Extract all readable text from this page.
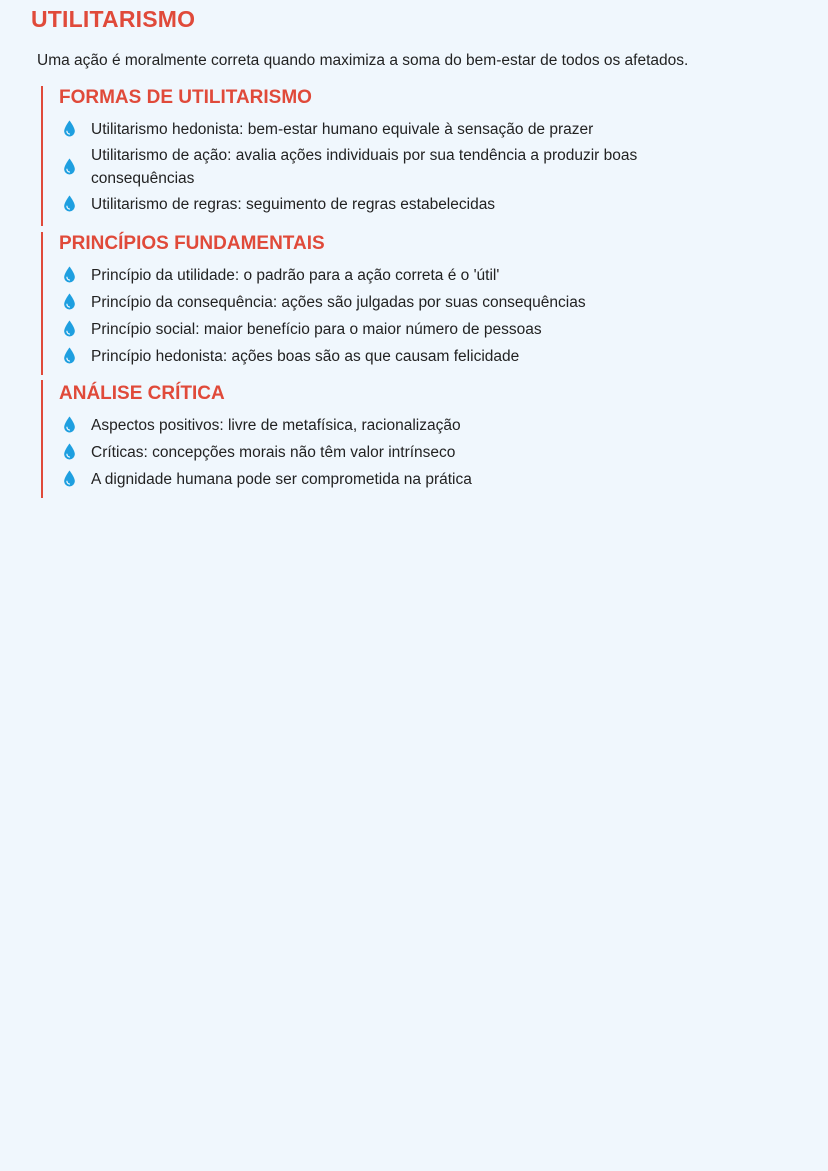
UTILITARISMO

Uma ação é moralmente correta quando maximiza a soma do bem-estar de todos os afetados.

FORMAS DE UTILITARISMO
Utilitarismo hedonista: bem-estar humano equivale à sensação de prazer
Utilitarismo de ação: avalia ações individuais por sua tendência a produzir boas consequências
Utilitarismo de regras: seguimento de regras estabelecidas
PRINCÍPIOS FUNDAMENTAIS
Princípio da utilidade: o padrão para a ação correta é o 'útil'
Princípio da consequência: ações são julgadas por suas consequências
Princípio social: maior benefício para o maior número de pessoas
Princípio hedonista: ações boas são as que causam felicidade
ANÁLISE CRÍTICA
Aspectos positivos: livre de metafísica, racionalização
Críticas: concepções morais não têm valor intrínseco
A dignidade humana pode ser comprometida na prática
